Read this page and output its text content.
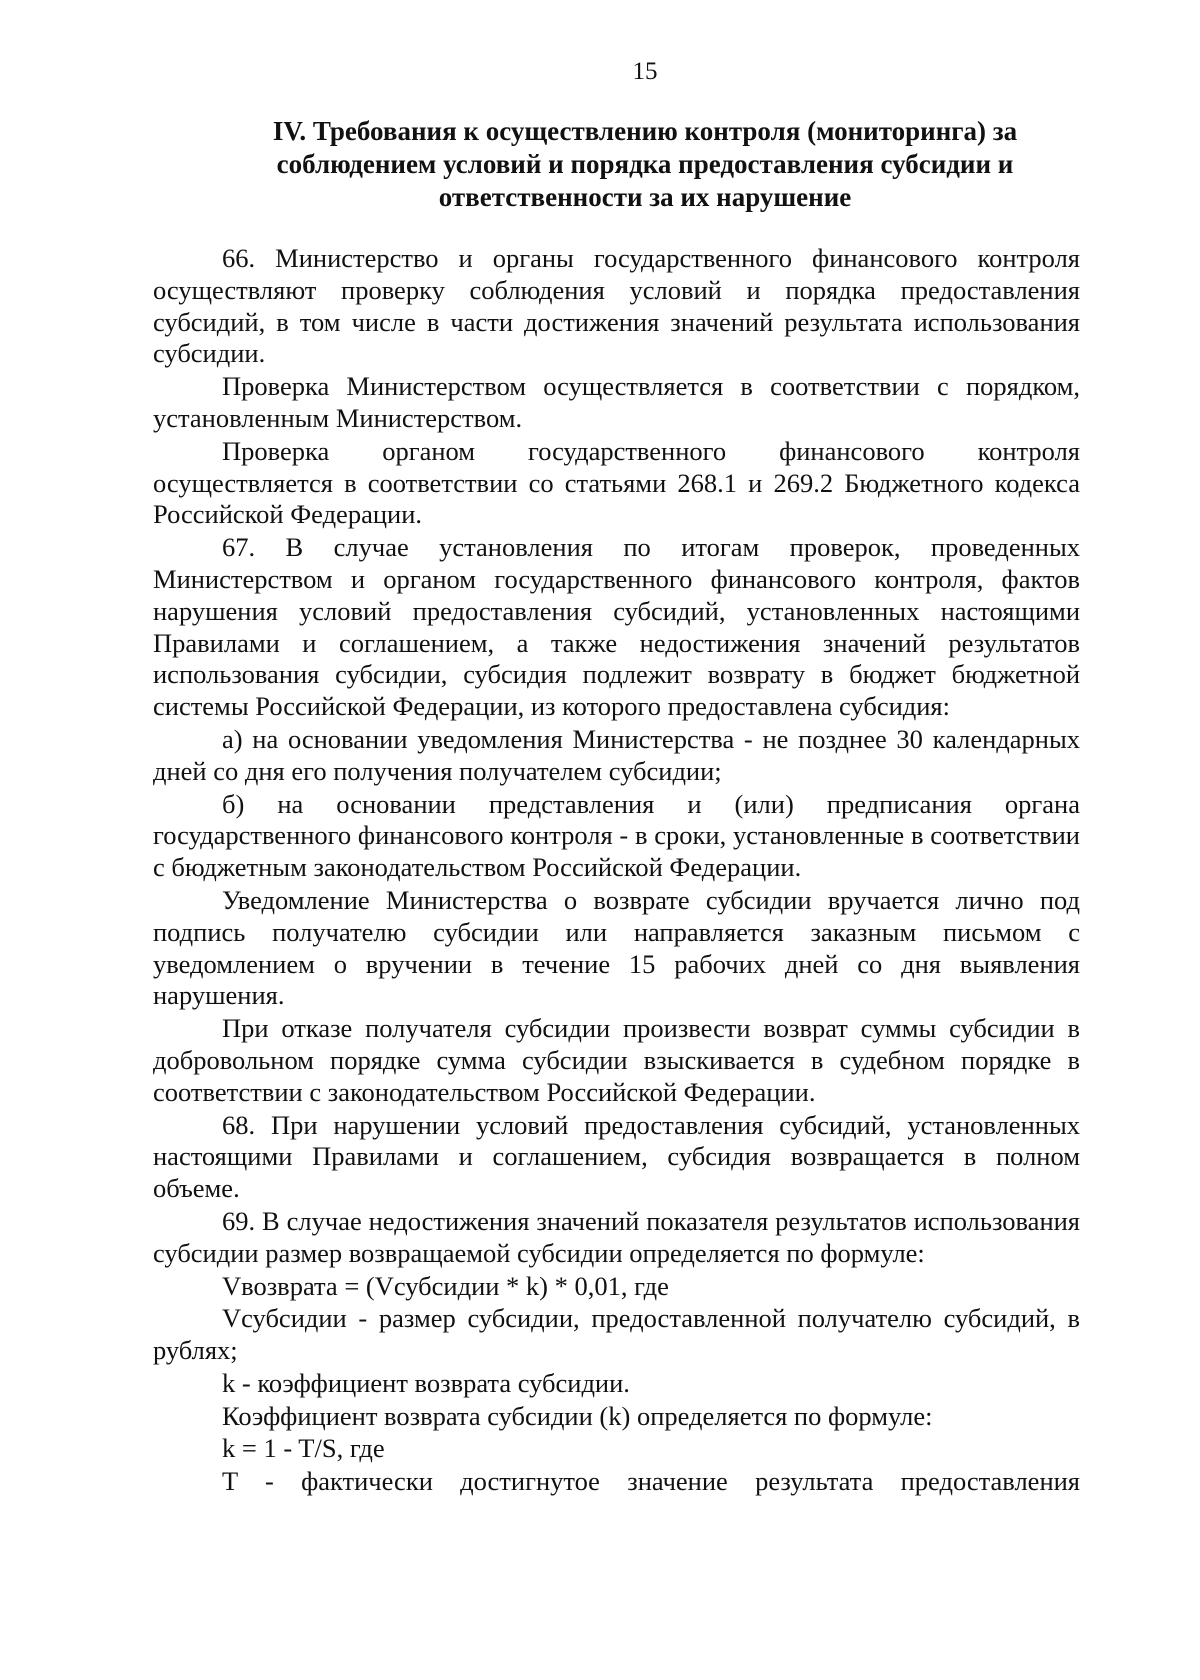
15
IV. Требования к осуществлению контроля (мониторинга) за
соблюдением условий и порядка предоставления субсидии и
ответственности за их нарушение

66. Министерство и органы государственного финансового контроля осуществляют проверку соблюдения условий и порядка предоставления субсидий, в том числе в части достижения значений результата использования субсидии.

Проверка Министерством осуществляется в соответствии с порядком, установленным Министерством.

Проверка органом государственного финансового контроля осуществляется в соответствии со статьями 268.1 и 269.2 Бюджетного кодекса Российской Федерации.

67. В случае установления по итогам проверок, проведенных Министерством и органом государственного финансового контроля, фактов нарушения условий предоставления субсидий, установленных настоящими Правилами и соглашением, а также недостижения значений результатов использования субсидии, субсидия подлежит возврату в бюджет бюджетной системы Российской Федерации, из которого предоставлена субсидия:

а) на основании уведомления Министерства - не позднее 30 календарных дней со дня его получения получателем субсидии;

б) на основании представления и (или) предписания органа государственного финансового контроля - в сроки, установленные в соответствии с бюджетным законодательством Российской Федерации.

Уведомление Министерства о возврате субсидии вручается лично под подпись получателю субсидии или направляется заказным письмом с уведомлением о вручении в течение 15 рабочих дней со дня выявления нарушения.

При отказе получателя субсидии произвести возврат суммы субсидии в добровольном порядке сумма субсидии взыскивается в судебном порядке в соответствии с законодательством Российской Федерации.

68. При нарушении условий предоставления субсидий, установленных настоящими Правилами и соглашением, субсидия возвращается в полном объеме.

69. В случае недостижения значений показателя результатов использования субсидии размер возвращаемой субсидии определяется по формуле:

Vвозврата = (Vсубсидии * k) * 0,01, где

Vсубсидии - размер субсидии, предоставленной получателю субсидий, в рублях;

k - коэффициент возврата субсидии.

Коэффициент возврата субсидии (k) определяется по формуле:

k = 1 - T/S, где

T - фактически достигнутое значение результата предоставления
